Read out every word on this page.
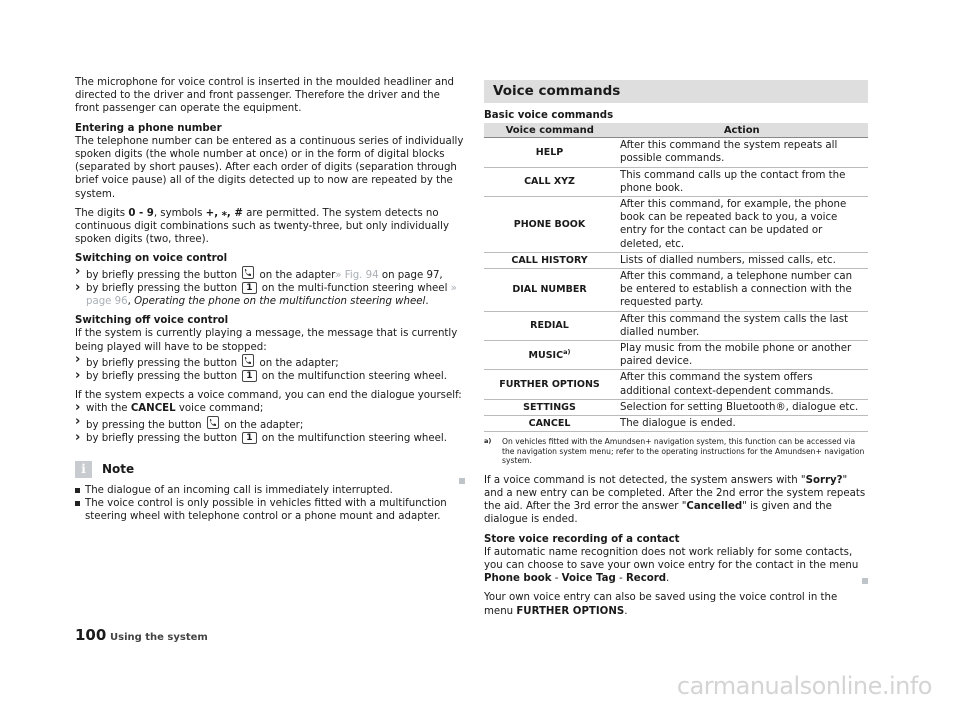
The microphone for voice control is inserted in the moulded headliner and directed to the driver and front passenger. Therefore the driver and the front passenger can operate the equipment.

Entering a phone number

The telephone number can be entered as a continuous series of individually spoken digits (the whole number at once) or in the form of digital blocks (separated by short pauses). After each order of digits (separation through brief voice pause) all of the digits detected up to now are repeated by the system.

The digits 0 - 9, symbols +, ⁎, # are permitted. The system detects no continuous digit combinations such as twenty-three, but only individually spoken digits (two, three).

Switching on voice control

› by briefly pressing the button
on the adapter» Fig. 94 on page 97,

› by briefly pressing the button 1 on the multi-function steering wheel » page 96, Operating the phone on the multifunction steering wheel.

Switching off voice control

If the system is currently playing a message, the message that is currently being played will have to be stopped:

› by briefly pressing the button
on the adapter;

› by briefly pressing the button 1 on the multifunction steering wheel.

If the system expects a voice command, you can end the dialogue yourself:

› with the CANCEL voice command;

› by pressing the button
on the adapter;

› by briefly pressing the button 1 on the multifunction steering wheel.

i	Note

The dialogue of an incoming call is immediately interrupted.

The voice control is only possible in vehicles fitted with a multifunction steering wheel with telephone control or a phone mount and adapter.

Voice commands
Basic voice commands
Voice command	Action
HELP	After this command the system repeats all possible commands.
CALL XYZ	This command calls up the contact from the phone book.
PHONE BOOK	After this command, for example, the phone book can be repeated back to you, a voice entry for the contact can be updated or deleted, etc.
CALL HISTORY	Lists of dialled numbers, missed calls, etc.
DIAL NUMBER	After this command, a telephone number can be entered to establish a connection with the requested party.
REDIAL	After this command the system calls the last dialled number.
MUSIC$^{a)}$	Play music from the mobile phone or another paired device.
FURTHER OPTIONS	After this command the system offers additional context-dependent commands.
SETTINGS	Selection for setting Bluetooth®, dialogue etc.
CANCEL	The dialogue is ended.
a) On vehicles fitted with the Amundsen+ navigation system, this function can be accessed via the navigation system menu; refer to the operating instructions for the Amundsen+ navigation system.

If a voice command is not detected, the system answers with "Sorry?" and a new entry can be completed. After the 2nd error the system repeats the aid. After the 3rd error the answer "Cancelled" is given and the dialogue is ended.

Store voice recording of a contact

If automatic name recognition does not work reliably for some contacts, you can choose to save your own voice entry for the contact in the menu Phone book - Voice Tag - Record.

Your own voice entry can also be saved using the voice control in the menu FURTHER OPTIONS.

100 Using the system
carmanualsonline.info
